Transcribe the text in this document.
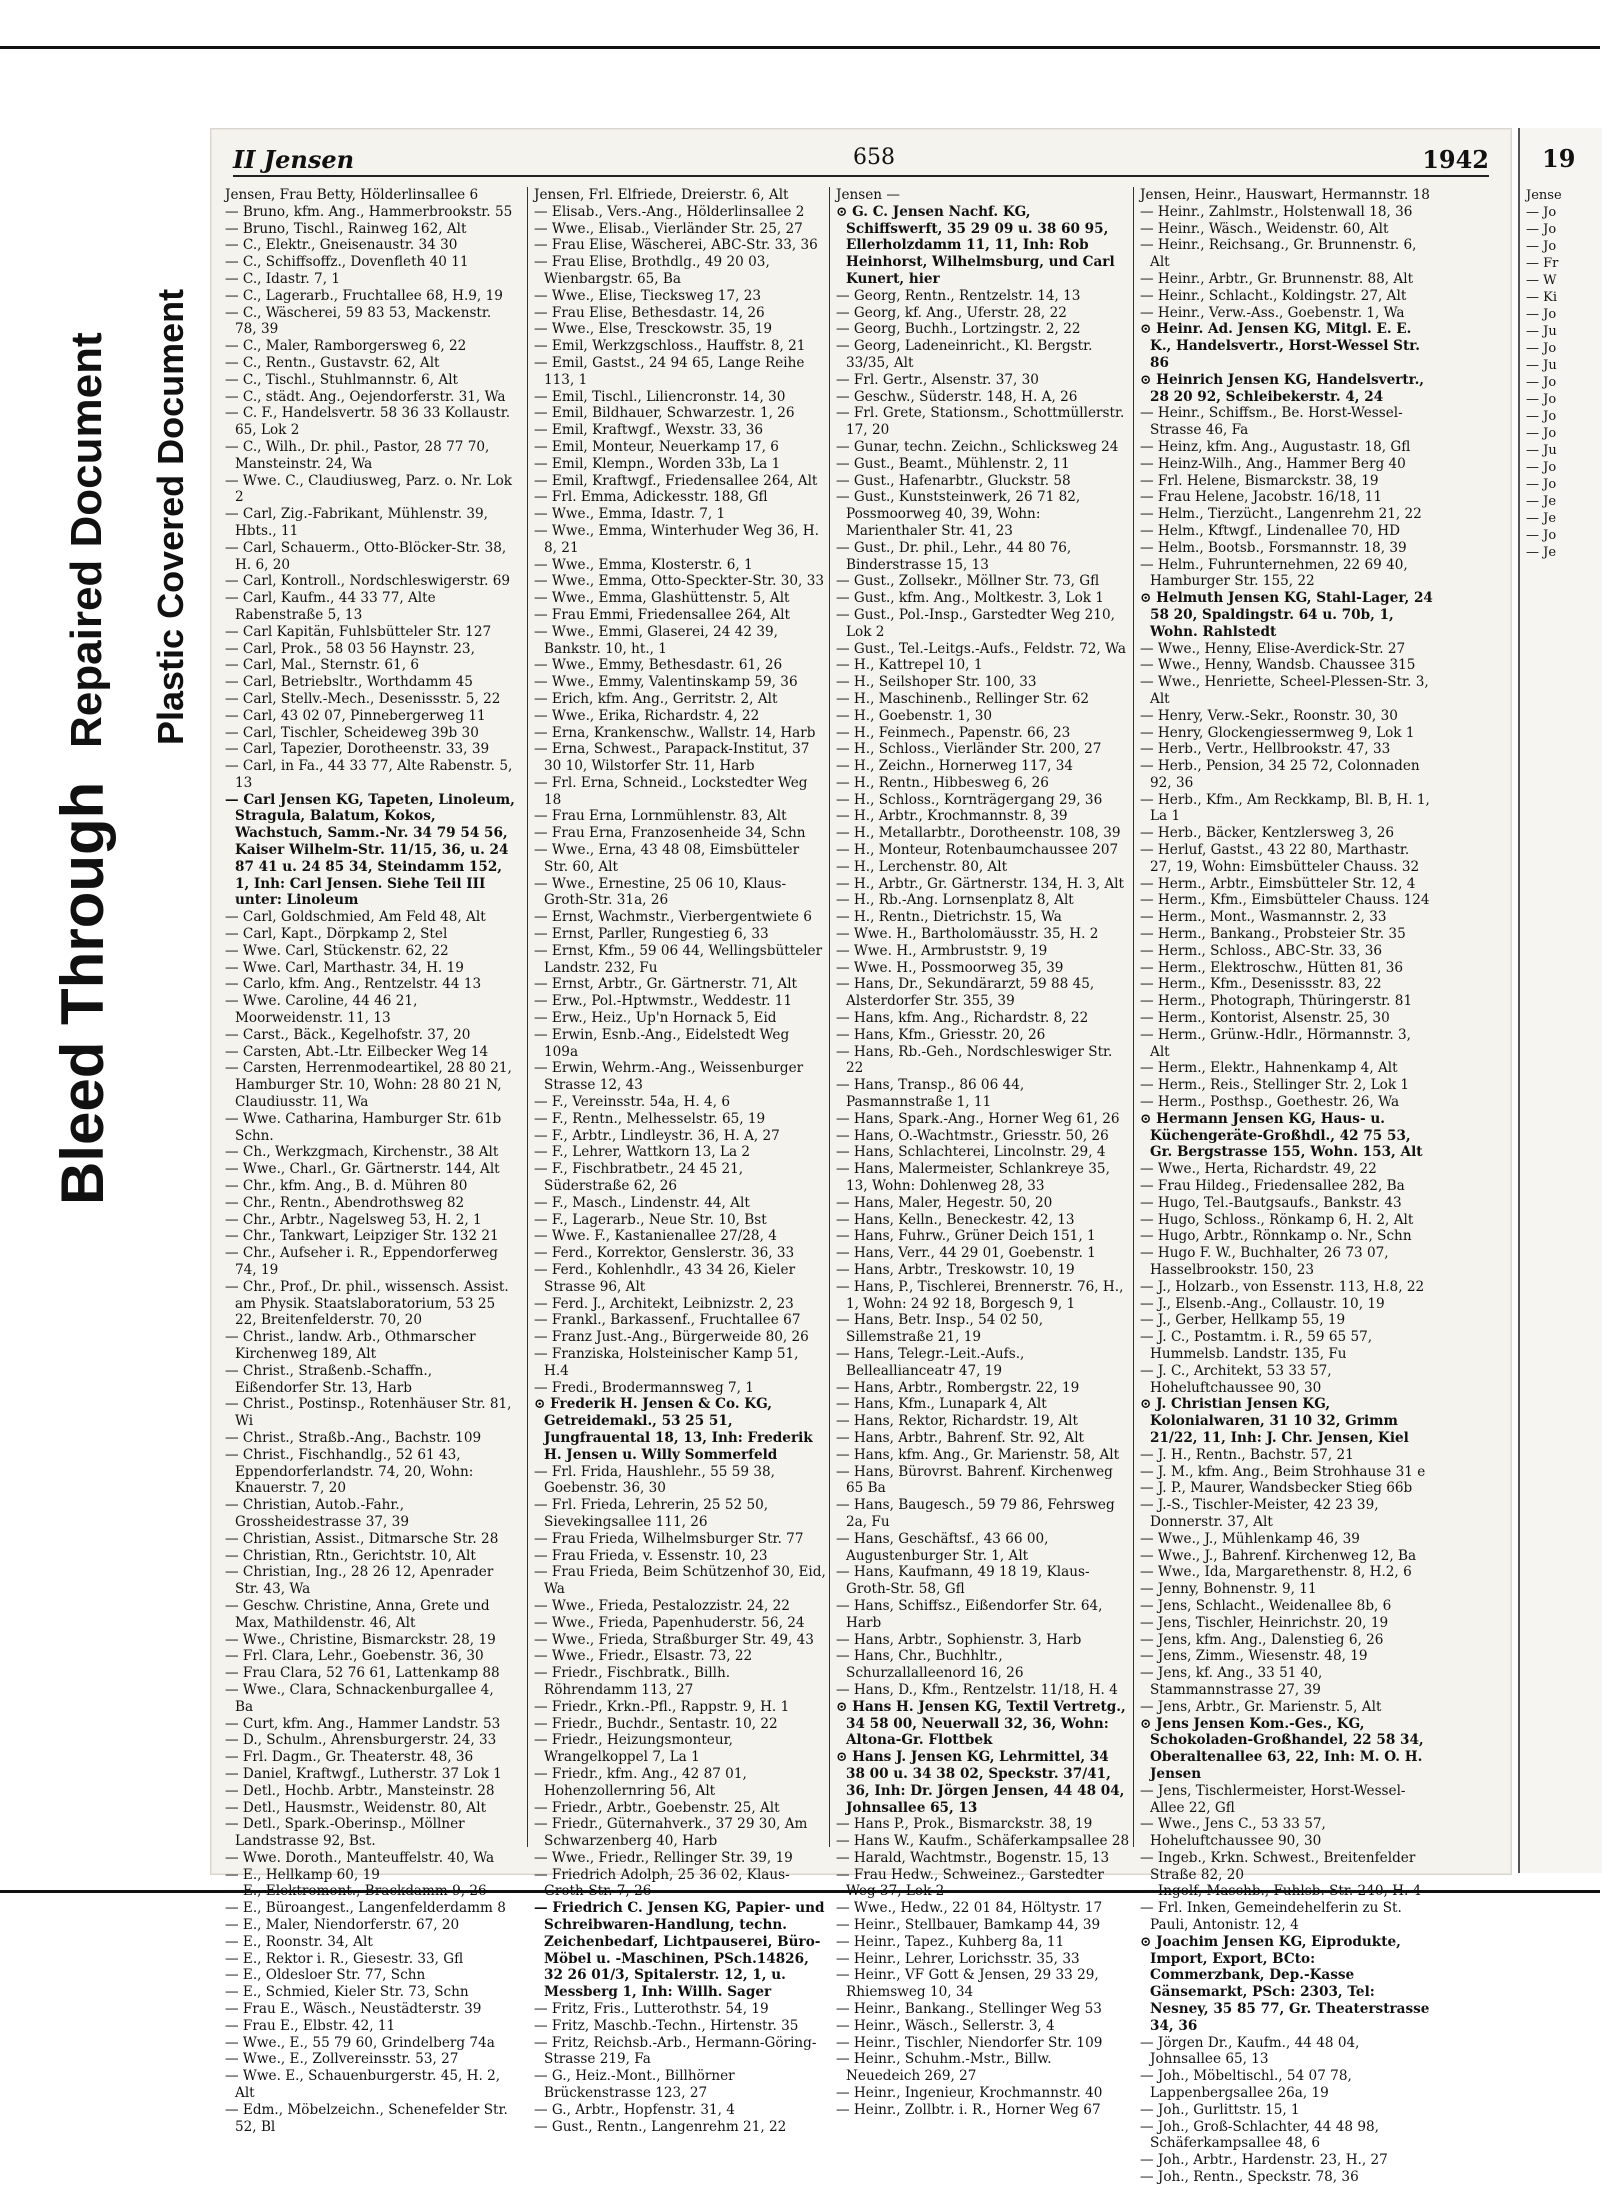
Bleed Through
Repaired Document Plastic Covered Document
II Jensen	658	1942

Jensen, Frau Betty, Hölderlinsallee 6

— Bruno, kfm. Ang., Hammerbrookstr. 55

— Bruno, Tischl., Rainweg 162, Alt

— C., Elektr., Gneisenaustr. 34 30

— C., Schiffsoffz., Dovenfleth 40 11

— C., Idastr. 7, 1

— C., Lagerarb., Fruchtallee 68, H.9, 19

— C., Wäscherei, 59 83 53, Mackenstr. 78, 39

— C., Maler, Ramborgersweg 6, 22

— C., Rentn., Gustavstr. 62, Alt

— C., Tischl., Stuhlmannstr. 6, Alt

— C., städt. Ang., Oejendorferstr. 31, Wa

— C. F., Handelsvertr. 58 36 33 Kollaustr. 65, Lok 2

— C., Wilh., Dr. phil., Pastor, 28 77 70, Mansteinstr. 24, Wa

— Wwe. C., Claudiusweg, Parz. o. Nr. Lok 2

— Carl, Zig.-Fabrikant, Mühlenstr. 39, Hbts., 11

— Carl, Schauerm., Otto-Blöcker-Str. 38, H. 6, 20

— Carl, Kontroll., Nordschleswigerstr. 69

— Carl, Kaufm., 44 33 77, Alte Rabenstraße 5, 13

— Carl Kapitän, Fuhlsbütteler Str. 127

— Carl, Prok., 58 03 56 Haynstr. 23,

— Carl, Mal., Sternstr. 61, 6

— Carl, Betriebsltr., Worthdamm 45

— Carl, Stellv.-Mech., Desenissstr. 5, 22

— Carl, 43 02 07, Pinnebergerweg 11

— Carl, Tischler, Scheideweg 39b 30

— Carl, Tapezier, Dorotheenstr. 33, 39

— Carl, in Fa., 44 33 77, Alte Rabenstr. 5, 13

— Carl Jensen KG, Tapeten, Linoleum, Stragula, Balatum, Kokos, Wachstuch, Samm.-Nr. 34 79 54 56, Kaiser Wilhelm-Str. 11/15, 36, u. 24 87 41 u. 24 85 34, Steindamm 152, 1, Inh: Carl Jensen. Siehe Teil III unter: Linoleum

— Carl, Goldschmied, Am Feld 48, Alt

— Carl, Kapt., Dörpkamp 2, Stel

— Wwe. Carl, Stückenstr. 62, 22

— Wwe. Carl, Marthastr. 34, H. 19

— Carlo, kfm. Ang., Rentzelstr. 44 13

— Wwe. Caroline, 44 46 21, Moorweidenstr. 11, 13

— Carst., Bäck., Kegelhofstr. 37, 20

— Carsten, Abt.-Ltr. Eilbecker Weg 14

— Carsten, Herrenmodeartikel, 28 80 21, Hamburger Str. 10, Wohn: 28 80 21 N, Claudiusstr. 11, Wa

— Wwe. Catharina, Hamburger Str. 61b Schn.

— Ch., Werkzgmach, Kirchenstr., 38 Alt

— Wwe., Charl., Gr. Gärtnerstr. 144, Alt

— Chr., kfm. Ang., B. d. Mühren 80

— Chr., Rentn., Abendrothsweg 82

— Chr., Arbtr., Nagelsweg 53, H. 2, 1

— Chr., Tankwart, Leipziger Str. 132 21

— Chr., Aufseher i. R., Eppendorferweg 74, 19

— Chr., Prof., Dr. phil., wissensch. Assist. am Physik. Staatslaboratorium, 53 25 22, Breitenfelderstr. 70, 20

— Christ., landw. Arb., Othmarscher Kirchenweg 189, Alt

— Christ., Straßenb.-Schaffn., Eißendorfer Str. 13, Harb

— Christ., Postinsp., Rotenhäuser Str. 81, Wi

— Christ., Straßb.-Ang., Bachstr. 109

— Christ., Fischhandlg., 52 61 43, Eppendorferlandstr. 74, 20, Wohn: Knauerstr. 7, 20

— Christian, Autob.-Fahr., Grossheidestrasse 37, 39

— Christian, Assist., Ditmarsche Str. 28

— Christian, Rtn., Gerichtstr. 10, Alt

— Christian, Ing., 28 26 12, Apenrader Str. 43, Wa

— Geschw. Christine, Anna, Grete und Max, Mathildenstr. 46, Alt

— Wwe., Christine, Bismarckstr. 28, 19

— Frl. Clara, Lehr., Goebenstr. 36, 30

— Frau Clara, 52 76 61, Lattenkamp 88

— Wwe., Clara, Schnackenburgallee 4, Ba

— Curt, kfm. Ang., Hammer Landstr. 53

— D., Schulm., Ahrensburgerstr. 24, 33

— Frl. Dagm., Gr. Theaterstr. 48, 36

— Daniel, Kraftwgf., Lutherstr. 37 Lok 1

— Detl., Hochb. Arbtr., Mansteinstr. 28

— Detl., Hausmstr., Weidenstr. 80, Alt

— Detl., Spark.-Oberinsp., Möllner Landstrasse 92, Bst.

— Wwe. Doroth., Manteuffelstr. 40, Wa

— E., Hellkamp 60, 19

— E., Elektromont., Brackdamm 9, 26

— E., Büroangest., Langenfelderdamm 8

— E., Maler, Niendorferstr. 67, 20

— E., Roonstr. 34, Alt

— E., Rektor i. R., Giesestr. 33, Gfl

— E., Oldesloer Str. 77, Schn

— E., Schmied, Kieler Str. 73, Schn

— Frau E., Wäsch., Neustädterstr. 39

— Frau E., Elbstr. 42, 11

— Wwe., E., 55 79 60, Grindelberg 74a

— Wwe., E., Zollvereinsstr. 53, 27

— Wwe. E., Schauenburgerstr. 45, H. 2, Alt

— Edm., Möbelzeichn., Schenefelder Str. 52, Bl

Jensen, Frl. Elfriede, Dreierstr. 6, Alt

— Elisab., Vers.-Ang., Hölderlinsallee 2

— Wwe., Elisab., Vierländer Str. 25, 27

— Frau Elise, Wäscherei, ABC-Str. 33, 36

— Frau Elise, Brothdlg., 49 20 03, Wienbargstr. 65, Ba

— Wwe., Elise, Tiecksweg 17, 23

— Frau Elise, Bethesdastr. 14, 26

— Wwe., Else, Tresckowstr. 35, 19

— Emil, Werkzgschloss., Hauffstr. 8, 21

— Emil, Gastst., 24 94 65, Lange Reihe 113, 1

— Emil, Tischl., Liliencronstr. 14, 30

— Emil, Bildhauer, Schwarzestr. 1, 26

— Emil, Kraftwgf., Wexstr. 33, 36

— Emil, Monteur, Neuerkamp 17, 6

— Emil, Klempn., Worden 33b, La 1

— Emil, Kraftwgf., Friedensallee 264, Alt

— Frl. Emma, Adickesstr. 188, Gfl

— Wwe., Emma, Idastr. 7, 1

— Wwe., Emma, Winterhuder Weg 36, H. 8, 21

— Wwe., Emma, Klosterstr. 6, 1

— Wwe., Emma, Otto-Speckter-Str. 30, 33

— Wwe., Emma, Glashüttenstr. 5, Alt

— Frau Emmi, Friedensallee 264, Alt

— Wwe., Emmi, Glaserei, 24 42 39, Bankstr. 10, ht., 1

— Wwe., Emmy, Bethesdastr. 61, 26

— Wwe., Emmy, Valentinskamp 59, 36

— Erich, kfm. Ang., Gerritstr. 2, Alt

— Wwe., Erika, Richardstr. 4, 22

— Erna, Krankenschw., Wallstr. 14, Harb

— Erna, Schwest., Parapack-Institut, 37 30 10, Wilstorfer Str. 11, Harb

— Frl. Erna, Schneid., Lockstedter Weg 18

— Frau Erna, Lornmühlenstr. 83, Alt

— Frau Erna, Franzosenheide 34, Schn

— Wwe., Erna, 43 48 08, Eimsbütteler Str. 60, Alt

— Wwe., Ernestine, 25 06 10, Klaus-Groth-Str. 31a, 26

— Ernst, Wachmstr., Vierbergentwiete 6

— Ernst, Parller, Rungestieg 6, 33

— Ernst, Kfm., 59 06 44, Wellingsbütteler Landstr. 232, Fu

— Ernst, Arbtr., Gr. Gärtnerstr. 71, Alt

— Erw., Pol.-Hptwmstr., Weddestr. 11

— Erw., Heiz., Up'n Hornack 5, Eid

— Erwin, Esnb.-Ang., Eidelstedt Weg 109a

— Erwin, Wehrm.-Ang., Weissenburger Strasse 12, 43

— F., Vereinsstr. 54a, H. 4, 6

— F., Rentn., Melhesselstr. 65, 19

— F., Arbtr., Lindleystr. 36, H. A, 27

— F., Lehrer, Wattkorn 13, La 2

— F., Fischbratbetr., 24 45 21, Süderstraße 62, 26

— F., Masch., Lindenstr. 44, Alt

— F., Lagerarb., Neue Str. 10, Bst

— Wwe. F., Kastanienallee 27/28, 4

— Ferd., Korrektor, Genslerstr. 36, 33

— Ferd., Kohlenhdlr., 43 34 26, Kieler Strasse 96, Alt

— Ferd. J., Architekt, Leibnizstr. 2, 23

— Frankl., Barkassenf., Fruchtallee 67

— Franz Just.-Ang., Bürgerweide 80, 26

— Franziska, Holsteinischer Kamp 51, H.4

— Fredi., Brodermannsweg 7, 1

⊙ Frederik H. Jensen & Co. KG, Getreidemakl., 53 25 51, Jungfrauental 18, 13, Inh: Frederik H. Jensen u. Willy Sommerfeld

— Frl. Frida, Haushlehr., 55 59 38, Goebenstr. 36, 30

— Frl. Frieda, Lehrerin, 25 52 50, Sievekingsallee 111, 26

— Frau Frieda, Wilhelmsburger Str. 77

— Frau Frieda, v. Essenstr. 10, 23

— Frau Frieda, Beim Schützenhof 30, Eid, Wa

— Wwe., Frieda, Pestalozzistr. 24, 22

— Wwe., Frieda, Papenhuderstr. 56, 24

— Wwe., Frieda, Straßburger Str. 49, 43

— Wwe., Friedr., Elsastr. 73, 22

— Friedr., Fischbratk., Billh. Röhrendamm 113, 27

— Friedr., Krkn.-Pfl., Rappstr. 9, H. 1

— Friedr., Buchdr., Sentastr. 10, 22

— Friedr., Heizungsmonteur, Wrangelkoppel 7, La 1

— Friedr., kfm. Ang., 42 87 01, Hohenzollernring 56, Alt

— Friedr., Arbtr., Goebenstr. 25, Alt

— Friedr., Güternahverk., 37 29 30, Am Schwarzenberg 40, Harb

— Wwe., Friedr., Rellinger Str. 39, 19

— Friedrich Adolph, 25 36 02, Klaus-Groth-Str. 7, 26

— Friedrich C. Jensen KG, Papier- und Schreibwaren-Handlung, techn. Zeichenbedarf, Lichtpauserei, Büro-Möbel u. -Maschinen, PSch.14826, 32 26 01/3, Spitalerstr. 12, 1, u. Messberg 1, Inh: Willh. Sager

— Fritz, Fris., Lutterothstr. 54, 19

— Fritz, Maschb.-Techn., Hirtenstr. 35

— Fritz, Reichsb.-Arb., Hermann-Göring-Strasse 219, Fa

— G., Heiz.-Mont., Billhörner Brückenstrasse 123, 27

— G., Arbtr., Hopfenstr. 31, 4

— Gust., Rentn., Langenrehm 21, 22

Jensen —

⊙ G. C. Jensen Nachf. KG, Schiffswerft, 35 29 09 u. 38 60 95, Ellerholzdamm 11, 11, Inh: Rob Heinhorst, Wilhelmsburg, und Carl Kunert, hier

— Georg, Rentn., Rentzelstr. 14, 13

— Georg, kf. Ang., Uferstr. 28, 22

— Georg, Buchh., Lortzingstr. 2, 22

— Georg, Ladeneinricht., Kl. Bergstr. 33/35, Alt

— Frl. Gertr., Alsenstr. 37, 30

— Geschw., Süderstr. 148, H. A, 26

— Frl. Grete, Stationsm., Schottmüllerstr. 17, 20

— Gunar, techn. Zeichn., Schlicksweg 24

— Gust., Beamt., Mühlenstr. 2, 11

— Gust., Hafenarbtr., Gluckstr. 58

— Gust., Kunststeinwerk, 26 71 82, Possmoorweg 40, 39, Wohn: Marienthaler Str. 41, 23

— Gust., Dr. phil., Lehr., 44 80 76, Binderstrasse 15, 13

— Gust., Zollsekr., Möllner Str. 73, Gfl

— Gust., kfm. Ang., Moltkestr. 3, Lok 1

— Gust., Pol.-Insp., Garstedter Weg 210, Lok 2

— Gust., Tel.-Leitgs.-Aufs., Feldstr. 72, Wa

— H., Kattrepel 10, 1

— H., Seilshoper Str. 100, 33

— H., Maschinenb., Rellinger Str. 62

— H., Goebenstr. 1, 30

— H., Feinmech., Papenstr. 66, 23

— H., Schloss., Vierländer Str. 200, 27

— H., Zeichn., Hornerweg 117, 34

— H., Rentn., Hibbesweg 6, 26

— H., Schloss., Kornträgergang 29, 36

— H., Arbtr., Krochmannstr. 8, 39

— H., Metallarbtr., Dorotheenstr. 108, 39

— H., Monteur, Rotenbaumchaussee 207

— H., Lerchenstr. 80, Alt

— H., Arbtr., Gr. Gärtnerstr. 134, H. 3, Alt

— H., Rb.-Ang. Lornsenplatz 8, Alt

— H., Rentn., Dietrichstr. 15, Wa

— Wwe. H., Bartholomäusstr. 35, H. 2

— Wwe. H., Armbruststr. 9, 19

— Wwe. H., Possmoorweg 35, 39

— Hans, Dr., Sekundärarzt, 59 88 45, Alsterdorfer Str. 355, 39

— Hans, kfm. Ang., Richardstr. 8, 22

— Hans, Kfm., Griesstr. 20, 26

— Hans, Rb.-Geh., Nordschleswiger Str. 22

— Hans, Transp., 86 06 44, Pasmannstraße 1, 11

— Hans, Spark.-Ang., Horner Weg 61, 26

— Hans, O.-Wachtmstr., Griesstr. 50, 26

— Hans, Schlachterei, Lincolnstr. 29, 4

— Hans, Malermeister, Schlankreye 35, 13, Wohn: Dohlenweg 28, 33

— Hans, Maler, Hegestr. 50, 20

— Hans, Kelln., Beneckestr. 42, 13

— Hans, Fuhrw., Grüner Deich 151, 1

— Hans, Verr., 44 29 01, Goebenstr. 1

— Hans, Arbtr., Treskowstr. 10, 19

— Hans, P., Tischlerei, Brennerstr. 76, H., 1, Wohn: 24 92 18, Borgesch 9, 1

— Hans, Betr. Insp., 54 02 50, Sillemstraße 21, 19

— Hans, Telegr.-Leit.-Aufs., Belleallianceatr 47, 19

— Hans, Arbtr., Rombergstr. 22, 19

— Hans, Kfm., Lunapark 4, Alt

— Hans, Rektor, Richardstr. 19, Alt

— Hans, Arbtr., Bahrenf. Str. 92, Alt

— Hans, kfm. Ang., Gr. Marienstr. 58, Alt

— Hans, Bürovrst. Bahrenf. Kirchenweg 65 Ba

— Hans, Baugesch., 59 79 86, Fehrsweg 2a, Fu

— Hans, Geschäftsf., 43 66 00, Augustenburger Str. 1, Alt

— Hans, Kaufmann, 49 18 19, Klaus-Groth-Str. 58, Gfl

— Hans, Schiffsz., Eißendorfer Str. 64, Harb

— Hans, Arbtr., Sophienstr. 3, Harb

— Hans, Chr., Buchhltr., Schurzallalleenord 16, 26

— Hans, D., Kfm., Rentzelstr. 11/18, H. 4

⊙ Hans H. Jensen KG, Textil Vertretg., 34 58 00, Neuerwall 32, 36, Wohn: Altona-Gr. Flottbek

⊙ Hans J. Jensen KG, Lehrmittel, 34 38 00 u. 34 38 02, Speckstr. 37/41, 36, Inh: Dr. Jörgen Jensen, 44 48 04, Johnsallee 65, 13

— Hans P., Prok., Bismarckstr. 38, 19

— Hans W., Kaufm., Schäferkampsallee 28

— Harald, Wachtmstr., Bogenstr. 15, 13

— Frau Hedw., Schweinez., Garstedter Weg 37, Lok 2

— Wwe., Hedw., 22 01 84, Höltystr. 17

— Heinr., Stellbauer, Bamkamp 44, 39

— Heinr., Tapez., Kuhberg 8a, 11

— Heinr., Lehrer, Lorichsstr. 35, 33

— Heinr., VF Gott & Jensen, 29 33 29, Rhiemsweg 10, 34

— Heinr., Bankang., Stellinger Weg 53

— Heinr., Wäsch., Sellerstr. 3, 4

— Heinr., Tischler, Niendorfer Str. 109

— Heinr., Schuhm.-Mstr., Billw. Neuedeich 269, 27

— Heinr., Ingenieur, Krochmannstr. 40

— Heinr., Zollbtr. i. R., Horner Weg 67

Jensen, Heinr., Hauswart, Hermannstr. 18

— Heinr., Zahlmstr., Holstenwall 18, 36

— Heinr., Wäsch., Weidenstr. 60, Alt

— Heinr., Reichsang., Gr. Brunnenstr. 6, Alt

— Heinr., Arbtr., Gr. Brunnenstr. 88, Alt

— Heinr., Schlacht., Koldingstr. 27, Alt

— Heinr., Verw.-Ass., Goebenstr. 1, Wa

⊙ Heinr. Ad. Jensen KG, Mitgl. E. E. K., Handelsvertr., Horst-Wessel Str. 86

⊙ Heinrich Jensen KG, Handelsvertr., 28 20 92, Schleibekerstr. 4, 24

— Heinr., Schiffsm., Be. Horst-Wessel-Strasse 46, Fa

— Heinz, kfm. Ang., Augustastr. 18, Gfl

— Heinz-Wilh., Ang., Hammer Berg 40

— Frl. Helene, Bismarckstr. 38, 19

— Frau Helene, Jacobstr. 16/18, 11

— Helm., Tierzücht., Langenrehm 21, 22

— Helm., Kftwgf., Lindenallee 70, HD

— Helm., Bootsb., Forsmannstr. 18, 39

— Helm., Fuhrunternehmen, 22 69 40, Hamburger Str. 155, 22

⊙ Helmuth Jensen KG, Stahl-Lager, 24 58 20, Spaldingstr. 64 u. 70b, 1, Wohn. Rahlstedt

— Wwe., Henny, Elise-Averdick-Str. 27

— Wwe., Henny, Wandsb. Chaussee 315

— Wwe., Henriette, Scheel-Plessen-Str. 3, Alt

— Henry, Verw.-Sekr., Roonstr. 30, 30

— Henry, Glockengiessermweg 9, Lok 1

— Herb., Vertr., Hellbrookstr. 47, 33

— Herb., Pension, 34 25 72, Colonnaden 92, 36

— Herb., Kfm., Am Reckkamp, Bl. B, H. 1, La 1

— Herb., Bäcker, Kentzlersweg 3, 26

— Herluf, Gastst., 43 22 80, Marthastr. 27, 19, Wohn: Eimsbütteler Chauss. 32

— Herm., Arbtr., Eimsbütteler Str. 12, 4

— Herm., Kfm., Eimsbütteler Chauss. 124

— Herm., Mont., Wasmannstr. 2, 33

— Herm., Bankang., Probsteier Str. 35

— Herm., Schloss., ABC-Str. 33, 36

— Herm., Elektroschw., Hütten 81, 36

— Herm., Kfm., Desenissstr. 83, 22

— Herm., Photograph, Thüringerstr. 81

— Herm., Kontorist, Alsenstr. 25, 30

— Herm., Grünw.-Hdlr., Hörmannstr. 3, Alt

— Herm., Elektr., Hahnenkamp 4, Alt

— Herm., Reis., Stellinger Str. 2, Lok 1

— Herm., Posthsp., Goethestr. 26, Wa

⊙ Hermann Jensen KG, Haus- u. Küchengeräte-Großhdl., 42 75 53, Gr. Bergstrasse 155, Wohn. 153, Alt

— Wwe., Herta, Richardstr. 49, 22

— Frau Hildeg., Friedensallee 282, Ba

— Hugo, Tel.-Bautgsaufs., Bankstr. 43

— Hugo, Schloss., Rönkamp 6, H. 2, Alt

— Hugo, Arbtr., Rönnkamp o. Nr., Schn

— Hugo F. W., Buchhalter, 26 73 07, Hasselbrookstr. 150, 23

— J., Holzarb., von Essenstr. 113, H.8, 22

— J., Elsenb.-Ang., Collaustr. 10, 19

— J., Gerber, Hellkamp 55, 19

— J. C., Postamtm. i. R., 59 65 57, Hummelsb. Landstr. 135, Fu

— J. C., Architekt, 53 33 57, Hoheluftchaussee 90, 30

⊙ J. Christian Jensen KG, Kolonialwaren, 31 10 32, Grimm 21/22, 11, Inh: J. Chr. Jensen, Kiel

— J. H., Rentn., Bachstr. 57, 21

— J. M., kfm. Ang., Beim Strohhause 31 e

— J. P., Maurer, Wandsbecker Stieg 66b

— J.-S., Tischler-Meister, 42 23 39, Donnerstr. 37, Alt

— Wwe., J., Mühlenkamp 46, 39

— Wwe., J., Bahrenf. Kirchenweg 12, Ba

— Wwe., Ida, Margarethenstr. 8, H.2, 6

— Jenny, Bohnenstr. 9, 11

— Jens, Schlacht., Weidenallee 8b, 6

— Jens, Tischler, Heinrichstr. 20, 19

— Jens, kfm. Ang., Dalenstieg 6, 26

— Jens, Zimm., Wiesenstr. 48, 19

— Jens, kf. Ang., 33 51 40, Stammannstrasse 27, 39

— Jens, Arbtr., Gr. Marienstr. 5, Alt

⊙ Jens Jensen Kom.-Ges., KG, Schokoladen-Großhandel, 22 58 34, Oberaltenallee 63, 22, Inh: M. O. H. Jensen

— Jens, Tischlermeister, Horst-Wessel-Allee 22, Gfl

— Wwe., Jens C., 53 33 57, Hoheluftchaussee 90, 30

— Ingeb., Krkn. Schwest., Breitenfelder Straße 82, 20

— Ingolf, Maschb., Fuhlsb. Str. 240, H. 4

— Frl. Inken, Gemeindehelferin zu St. Pauli, Antonistr. 12, 4

⊙ Joachim Jensen KG, Eiprodukte, Import, Export, BCto: Commerzbank, Dep.-Kasse Gänsemarkt, PSch: 2303, Tel: Nesney, 35 85 77, Gr. Theaterstrasse 34, 36

— Jörgen Dr., Kaufm., 44 48 04, Johnsallee 65, 13

— Joh., Möbeltischl., 54 07 78, Lappenbergsallee 26a, 19

— Joh., Gurlittstr. 15, 1

— Joh., Groß-Schlachter, 44 48 98, Schäferkampsallee 48, 6

— Joh., Arbtr., Hardenstr. 23, H., 27

— Joh., Rentn., Speckstr. 78, 36

19
Jense
— Jo
— Jo
— Jo
— Fr
— W
— Ki
— Jo
— Ju
— Jo
— Ju
— Jo
— Jo
— Jo
— Jo
— Ju
— Jo
— Jo
— Je
— Je
— Jo
— Je
